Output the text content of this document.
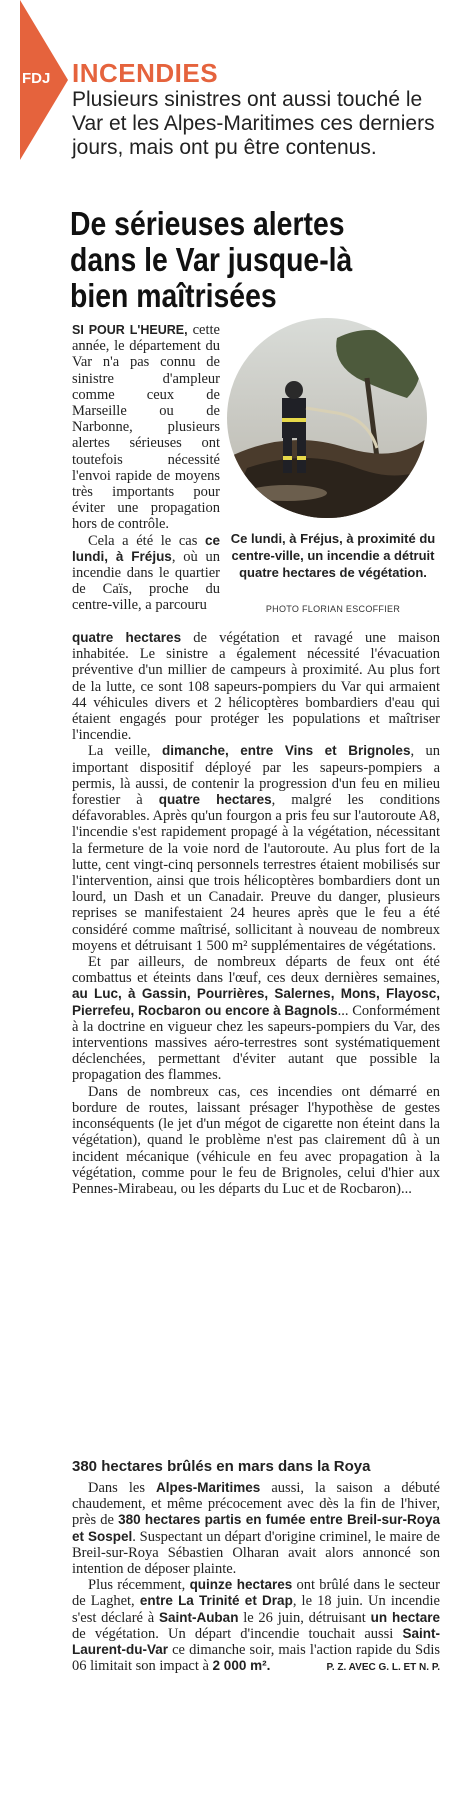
FDJ INCENDIES
Plusieurs sinistres ont aussi touché le Var et les Alpes-Maritimes ces derniers jours, mais ont pu être contenus.
De sérieuses alertes dans le Var jusque-là bien maîtrisées
Ce lundi, à Fréjus, à proximité du centre-ville, un incendie a détruit quatre hectares de végétation.
PHOTO FLORIAN ESCOFFIER

SI POUR L'HEURE, cette année, le département du Var n'a pas connu de sinistre d'ampleur comme ceux de Marseille ou de Narbonne, plusieurs alertes sérieuses ont toutefois nécessité l'envoi rapide de moyens très importants pour éviter une propagation hors de contrôle.

Cela a été le cas ce lundi, à Fréjus, où un incendie dans le quartier de Caïs, proche du centre-ville, a parcouru

quatre hectares de végétation et ravagé une maison inhabitée. Le sinistre a également nécessité l'évacuation préventive d'un millier de campeurs à proximité. Au plus fort de la lutte, ce sont 108 sapeurs-pompiers du Var qui armaient 44 véhicules divers et 2 hélicoptères bombardiers d'eau qui étaient engagés pour protéger les populations et maîtriser l'incendie.

La veille, dimanche, entre Vins et Brignoles, un important dispositif déployé par les sapeurs-pompiers a permis, là aussi, de contenir la progression d'un feu en milieu forestier à quatre hectares, malgré les conditions défavorables. Après qu'un fourgon a pris feu sur l'autoroute A8, l'incendie s'est rapidement propagé à la végétation, nécessitant la fermeture de la voie nord de l'autoroute. Au plus fort de la lutte, cent vingt-cinq personnels terrestres étaient mobilisés sur l'intervention, ainsi que trois hélicoptères bombardiers dont un lourd, un Dash et un Canadair. Preuve du danger, plusieurs reprises se manifestaient 24 heures après que le feu a été considéré comme maîtrisé, sollicitant à nouveau de nombreux moyens et détruisant 1 500 m² supplémentaires de végétations.

Et par ailleurs, de nombreux départs de feux ont été combattus et éteints dans l'œuf, ces deux dernières semaines, au Luc, à Gassin, Pourrières, Salernes, Mons, Flayosc, Pierrefeu, Rocbaron ou encore à Bagnols... Conformément à la doctrine en vigueur chez les sapeurs-pompiers du Var, des interventions massives aéro-terrestres sont systématiquement déclenchées, permettant d'éviter autant que possible la propagation des flammes.

Dans de nombreux cas, ces incendies ont démarré en bordure de routes, laissant présager l'hypothèse de gestes inconséquents (le jet d'un mégot de cigarette non éteint dans la végétation), quand le problème n'est pas clairement dû à un incident mécanique (véhicule en feu avec propagation à la végétation, comme pour le feu de Brignoles, celui d'hier aux Pennes-Mirabeau, ou les départs du Luc et de Rocbaron)...

380 hectares brûlés en mars dans la Roya

Dans les Alpes-Maritimes aussi, la saison a débuté chaudement, et même précocement avec dès la fin de l'hiver, près de 380 hectares partis en fumée entre Breil-sur-Roya et Sospel. Suspectant un départ d'origine criminel, le maire de Breil-sur-Roya Sébastien Olharan avait alors annoncé son intention de déposer plainte.

Plus récemment, quinze hectares ont brûlé dans le secteur de Laghet, entre La Trinité et Drap, le 18 juin. Un incendie s'est déclaré à Saint-Auban le 26 juin, détruisant un hectare de végétation. Un départ d'incendie touchait aussi Saint-Laurent-du-Var ce dimanche soir, mais l'action rapide du Sdis 06 limitait son impact à 2 000 m².	P. Z. AVEC G. L. ET N. P.
